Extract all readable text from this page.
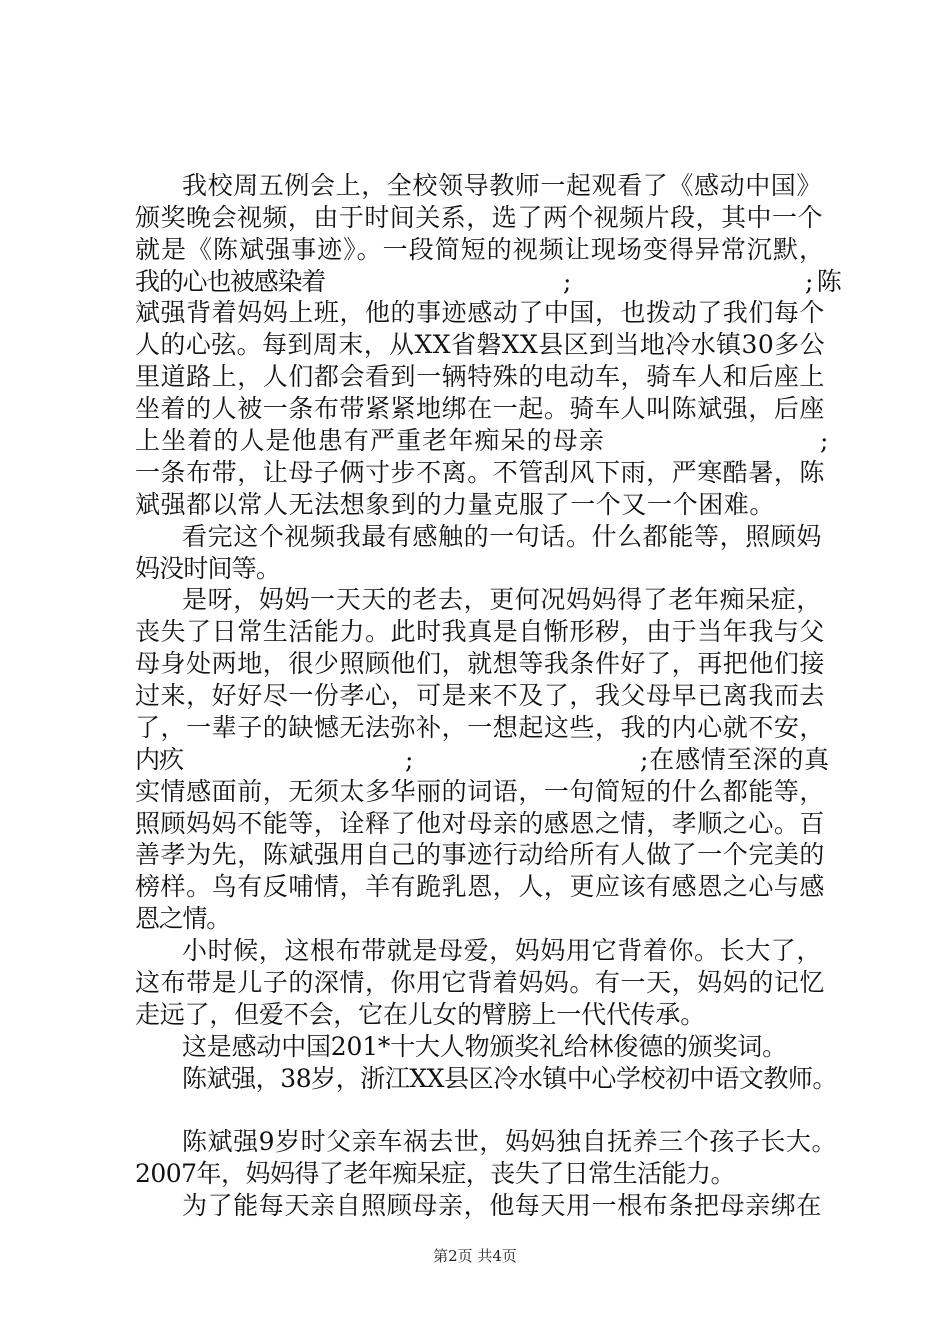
我校周五例会上，全校领导教师一起观看了《感动中国》
颁奖晚会视频，由于时间关系，选了两个视频片段，其中一个
就是《陈斌强事迹》。一段简短的视频让现场变得异常沉默，
我的心也被感染着	;	;陈
斌强背着妈妈上班，他的事迹感动了中国，也拨动了我们每个
人的心弦。每到周末，从XX省磐XX县区到当地冷水镇30多公
里道路上，人们都会看到一辆特殊的电动车，骑车人和后座上
坐着的人被一条布带紧紧地绑在一起。骑车人叫陈斌强，后座
上坐着的人是他患有严重老年痴呆的母亲	;
一条布带，让母子俩寸步不离。不管刮风下雨，严寒酷暑，陈
斌强都以常人无法想象到的力量克服了一个又一个困难。
看完这个视频我最有感触的一句话。什么都能等，照顾妈
妈没时间等。
是呀，妈妈一天天的老去，更何况妈妈得了老年痴呆症，
丧失了日常生活能力。此时我真是自惭形秽，由于当年我与父
母身处两地，很少照顾他们，就想等我条件好了，再把他们接
过来，好好尽一份孝心，可是来不及了，我父母早已离我而去
了，一辈子的缺憾无法弥补，一想起这些，我的内心就不安，
内疚	;	;在感情至深的真
实情感面前，无须太多华丽的词语，一句简短的什么都能等，
照顾妈妈不能等，诠释了他对母亲的感恩之情，孝顺之心。百
善孝为先，陈斌强用自己的事迹行动给所有人做了一个完美的
榜样。鸟有反哺情，羊有跪乳恩，人，更应该有感恩之心与感
恩之情。
小时候，这根布带就是母爱，妈妈用它背着你。长大了，
这布带是儿子的深情，你用它背着妈妈。有一天，妈妈的记忆
走远了，但爱不会，它在儿女的臂膀上一代代传承。
这是感动中国201*十大人物颁奖礼给林俊德的颁奖词。
陈斌强，38岁，浙江XX县区冷水镇中心学校初中语文教师。
陈斌强9岁时父亲车祸去世，妈妈独自抚养三个孩子长大。
2007年，妈妈得了老年痴呆症，丧失了日常生活能力。
为了能每天亲自照顾母亲，他每天用一根布条把母亲绑在
第2页 共4页
